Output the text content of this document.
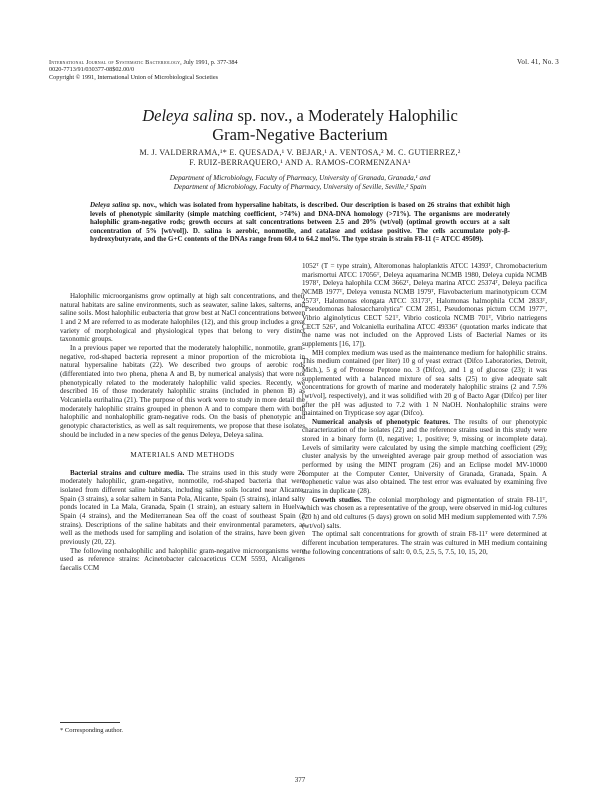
International Journal of Systematic Bacteriology, July 1991, p. 377-384
0020-7713/91/030377-08$02.00/0
Copyright © 1991, International Union of Microbiological Societies
Vol. 41, No. 3
Deleya salina sp. nov., a Moderately Halophilic
Gram-Negative Bacterium
M. J. VALDERRAMA,¹* E. QUESADA,¹ V. BEJAR,¹ A. VENTOSA,² M. C. GUTIERREZ,²
F. RUIZ-BERRAQUERO,¹ AND A. RAMOS-CORMENZANA¹
Department of Microbiology, Faculty of Pharmacy, University of Granada, Granada,¹ and
Department of Microbiology, Faculty of Pharmacy, University of Seville, Seville,² Spain
Deleya salina sp. nov., which was isolated from hypersaline habitats, is described. Our description is based on 26 strains that exhibit high levels of phenotypic similarity (simple matching coefficient, >74%) and DNA-DNA homology (>71%). The organisms are moderately halophilic gram-negative rods; growth occurs at salt concentrations between 2.5 and 20% (wt/vol) (optimal growth occurs at a salt concentration of 5% [wt/vol]). D. salina is aerobic, nonmotile, and catalase and oxidase positive. The cells accumulate poly-β-hydroxybutyrate, and the G+C contents of the DNAs range from 60.4 to 64.2 mol%. The type strain is strain F8-11 (= ATCC 49509).

Halophilic microorganisms grow optimally at high salt concentrations, and their natural habitats are saline environments, such as seawater, saline lakes, salterns, and saline soils. Most halophilic eubacteria that grow best at NaCl concentrations between 1 and 2 M are referred to as moderate halophiles (12), and this group includes a great variety of morphological and physiological types that belong to very distinct taxonomic groups.

In a previous paper we reported that the moderately halophilic, nonmotile, gram-negative, rod-shaped bacteria represent a minor proportion of the microbiota in natural hypersaline habitats (22). We described two groups of aerobic rods (differentiated into two phena, phena A and B, by numerical analysis) that were not phenotypically related to the moderately halophilic valid species. Recently, we described 16 of those moderately halophilic strains (included in phenon B) as Volcaniella eurihalina (21). The purpose of this work were to study in more detail the moderately halophilic strains grouped in phenon A and to compare them with both halophilic and nonhalophilic gram-negative rods. On the basis of phenotypic and genotypic characteristics, as well as salt requirements, we propose that these isolates should be included in a new species of the genus Deleya, Deleya salina.

MATERIALS AND METHODS

Bacterial strains and culture media. The strains used in this study were 26 moderately halophilic, gram-negative, nonmotile, rod-shaped bacteria that were isolated from different saline habitats, including saline soils located near Alicante, Spain (3 strains), a solar saltern in Santa Pola, Alicante, Spain (5 strains), inland salty ponds located in La Mala, Granada, Spain (1 strain), an estuary saltern in Huelva, Spain (4 strains), and the Mediterranean Sea off the coast of southeast Spain (3 strains). Descriptions of the saline habitats and their environmental parameters, as well as the methods used for sampling and isolation of the strains, have been given previously (20, 22).

The following nonhalophilic and halophilic gram-negative microorganisms were used as reference strains: Acinetobacter calcoaceticus CCM 5593, Alcaligenes faecalis CCM

1052ᵀ (T = type strain), Alteromonas haloplanktis ATCC 14393ᵀ, Chromobacterium marismortui ATCC 17056ᵀ, Deleya aquamarina NCMB 1980, Deleya cupida NCMB 1978ᵀ, Deleya halophila CCM 3662ᵀ, Deleya marina ATCC 25374ᵀ, Deleya pacifica NCMB 1977ᵀ, Deleya venusta NCMB 1979ᵀ, Flavobacterium marinotypicum CCM 2573ᵀ, Halomonas elongata ATCC 33173ᵀ, Halomonas halmophila CCM 2833ᵀ, "Pseudomonas halosaccharolytica" CCM 2851, Pseudomonas pictum CCM 1977ᵀ, Vibrio alginolyticus CECT 521ᵀ, Vibrio costicola NCMB 701ᵀ, Vibrio natriegens CECT 526ᵀ, and Volcaniella eurihalina ATCC 49336ᵀ (quotation marks indicate that the name was not included on the Approved Lists of Bacterial Names or its supplements [16, 17]).

MH complex medium was used as the maintenance medium for halophilic strains. This medium contained (per liter) 10 g of yeast extract (Difco Laboratories, Detroit, Mich.), 5 g of Proteose Peptone no. 3 (Difco), and 1 g of glucose (23); it was supplemented with a balanced mixture of sea salts (25) to give adequate salt concentrations for growth of marine and moderately halophilic strains (2 and 7.5% [wt/vol], respectively), and it was solidified with 20 g of Bacto Agar (Difco) per liter after the pH was adjusted to 7.2 with 1 N NaOH. Nonhalophilic strains were maintained on Trypticase soy agar (Difco).

Numerical analysis of phenotypic features. The results of our phenotypic characterization of the isolates (22) and the reference strains used in this study were stored in a binary form (0, negative; 1, positive; 9, missing or incomplete data). Levels of similarity were calculated by using the simple matching coefficient (29); cluster analysis by the unweighted average pair group method of association was performed by using the MINT program (26) and an Eclipse model MV-10000 computer at the Computer Center, University of Granada, Granada, Spain. A cophenetic value was also obtained. The test error was evaluated by examining five strains in duplicate (28).

Growth studies. The colonial morphology and pigmentation of strain F8-11ᵀ, which was chosen as a representative of the group, were observed in mid-log cultures (20 h) and old cultures (5 days) grown on solid MH medium supplemented with 7.5% (wt/vol) salts.

The optimal salt concentrations for growth of strain F8-11ᵀ were determined at different incubation temperatures. The strain was cultured in MH medium containing the following concentrations of salt: 0, 0.5, 2.5, 5, 7.5, 10, 15, 20,

* Corresponding author.
377
